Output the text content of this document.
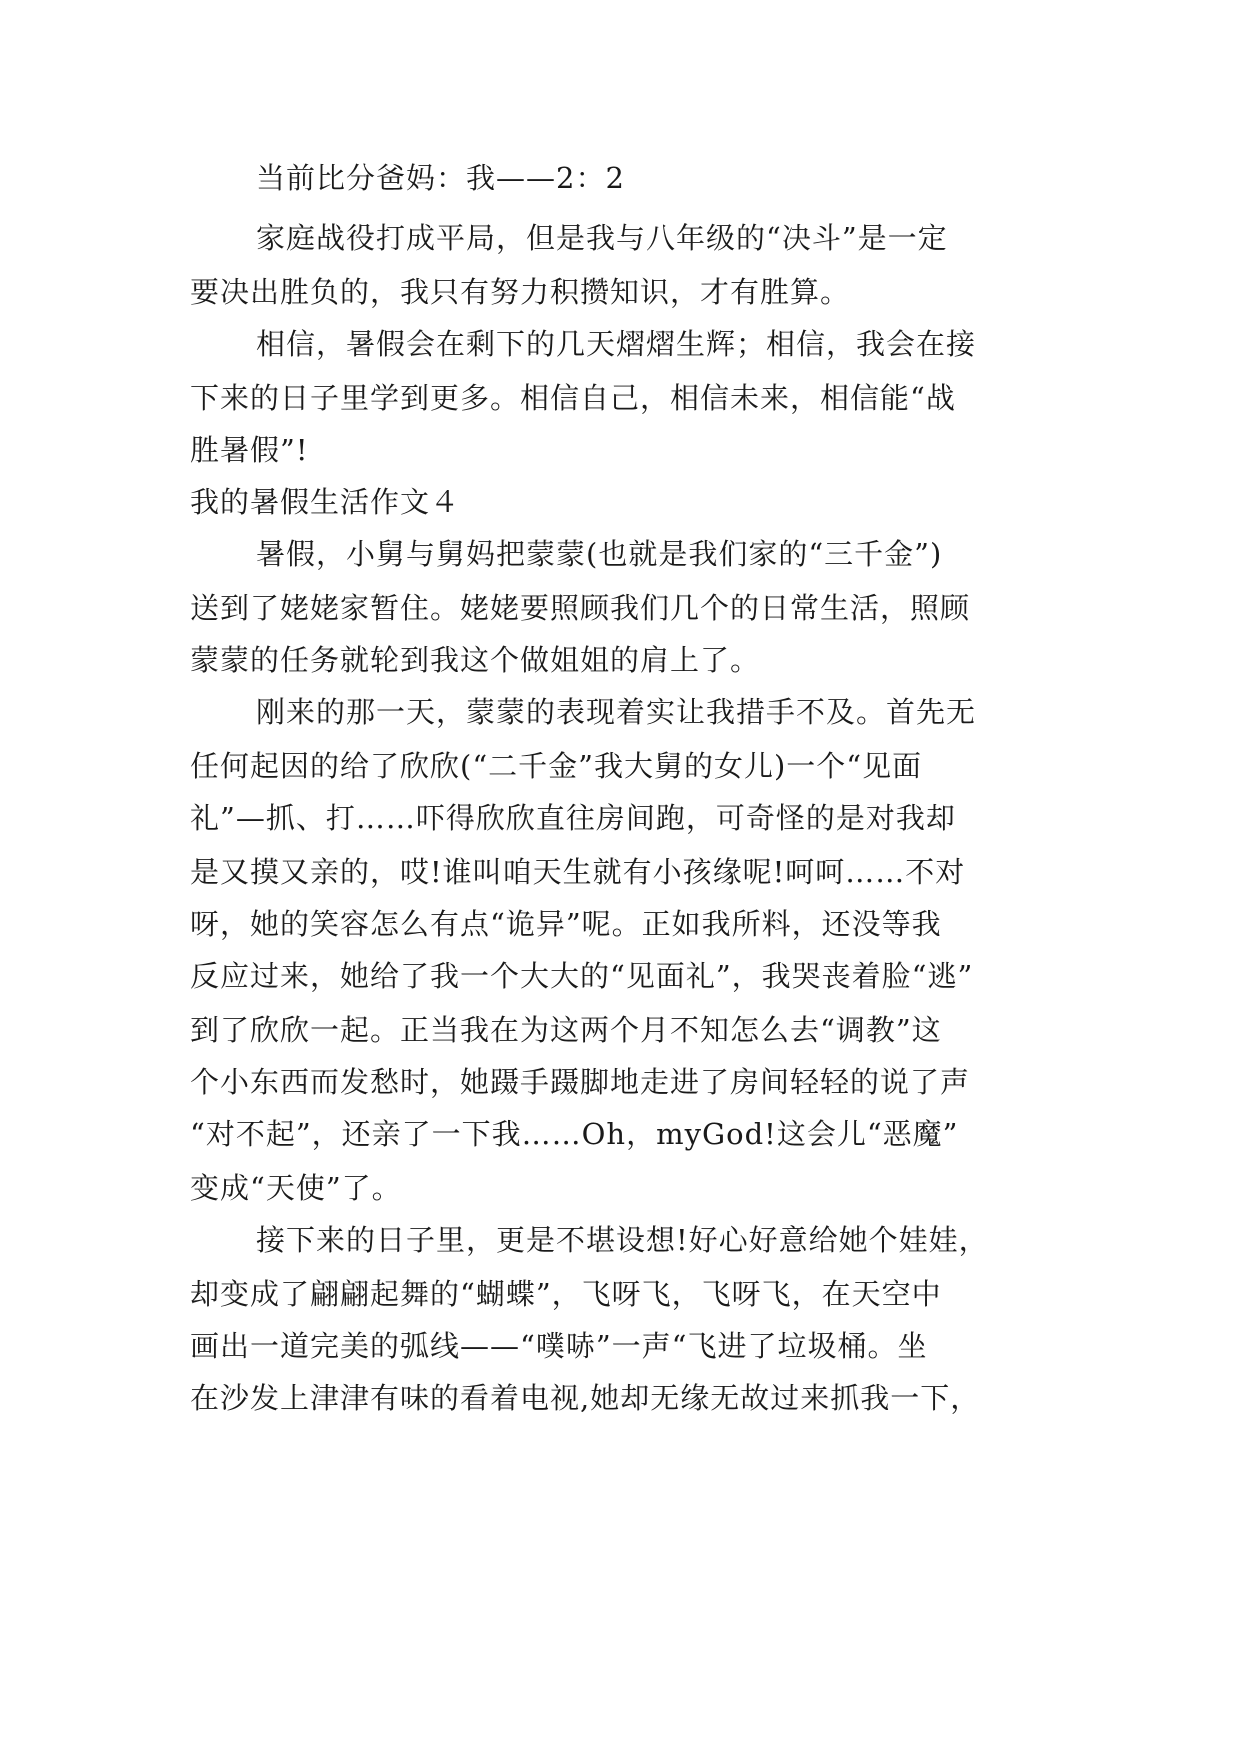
当前比分爸妈：我——2：2
家庭战役打成平局，但是我与八年级的“决斗”是一定
要决出胜负的，我只有努力积攒知识，才有胜算。
相信，暑假会在剩下的几天熠熠生辉；相信，我会在接
下来的日子里学到更多。相信自己，相信未来，相信能“战
胜暑假”!
我的暑假生活作文４
暑假，小舅与舅妈把蒙蒙(也就是我们家的“三千金”)
送到了姥姥家暂住。姥姥要照顾我们几个的日常生活，照顾
蒙蒙的任务就轮到我这个做姐姐的肩上了。
刚来的那一天，蒙蒙的表现着实让我措手不及。首先无
任何起因的给了欣欣(“二千金”我大舅的女儿)一个“见面
礼”—抓、打……吓得欣欣直往房间跑，可奇怪的是对我却
是又摸又亲的，哎!谁叫咱天生就有小孩缘呢!呵呵……不对
呀，她的笑容怎么有点“诡异”呢。正如我所料，还没等我
反应过来，她给了我一个大大的“见面礼”，我哭丧着脸“逃”
到了欣欣一起。正当我在为这两个月不知怎么去“调教”这
个小东西而发愁时，她蹑手蹑脚地走进了房间轻轻的说了声
“对不起”，还亲了一下我……Oh，myGod!这会儿“恶魔”
变成“天使”了。
接下来的日子里，更是不堪设想!好心好意给她个娃娃，
却变成了翩翩起舞的“蝴蝶”，飞呀飞，飞呀飞，在天空中
画出一道完美的弧线——“噗哧”一声“飞进了垃圾桶。坐
在沙发上津津有味的看着电视,她却无缘无故过来抓我一下，
